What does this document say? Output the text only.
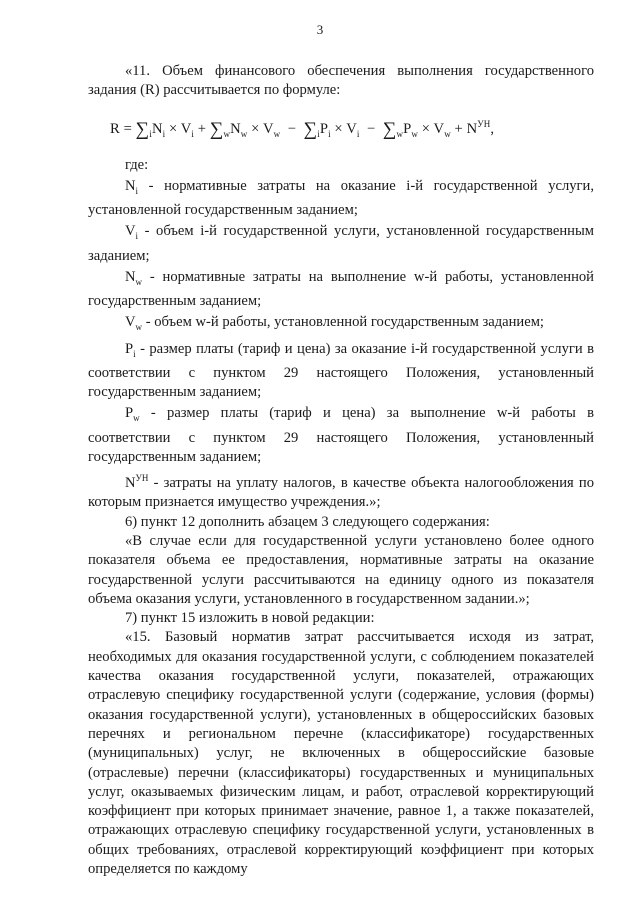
3

«11. Объем финансового обеспечения выполнения государственного задания (R) рассчитывается по формуле:

$R = \sum_iN_i \times V_i + \sum_wN_w \times V_w - \sum_iP_i \times V_i - \sum_wP_w \times V_w + N^{УН}$,

где:

$N_i$ - нормативные затраты на оказание i-й государственной услуги, установленной государственным заданием;

$V_i$ - объем i-й государственной услуги, установленной государственным заданием;

$N_w$ - нормативные затраты на выполнение w-й работы, установленной государственным заданием;

$V_w$ - объем w-й работы, установленной государственным заданием;

$P_i$ - размер платы (тариф и цена) за оказание i-й государственной услуги в соответствии с пунктом 29 настоящего Положения, установленный государственным заданием;

$P_w$ - размер платы (тариф и цена) за выполнение w-й работы в соответствии с пунктом 29 настоящего Положения, установленный государственным заданием;

$N^{УН}$ - затраты на уплату налогов, в качестве объекта налогообложения по которым признается имущество учреждения.»;

6) пункт 12 дополнить абзацем 3 следующего содержания:

«В случае если для государственной услуги установлено более одного показателя объема ее предоставления, нормативные затраты на оказание государственной услуги рассчитываются на единицу одного из показателя объема оказания услуги, установленного в государственном задании.»;

7) пункт 15 изложить в новой редакции:

«15. Базовый норматив затрат рассчитывается исходя из затрат, необходимых для оказания государственной услуги, с соблюдением показателей качества оказания государственной услуги, показателей, отражающих отраслевую специфику государственной услуги (содержание, условия (формы) оказания государственной услуги), установленных в общероссийских базовых перечнях и региональном перечне (классификаторе) государственных (муниципальных) услуг, не включенных в общероссийские базовые (отраслевые) перечни (классификаторы) государственных и муниципальных услуг, оказываемых физическим лицам, и работ, отраслевой корректирующий коэффициент при которых принимает значение, равное 1, а также показателей, отражающих отраслевую специфику государственной услуги, установленных в общих требованиях, отраслевой корректирующий коэффициент при которых определяется по каждому
